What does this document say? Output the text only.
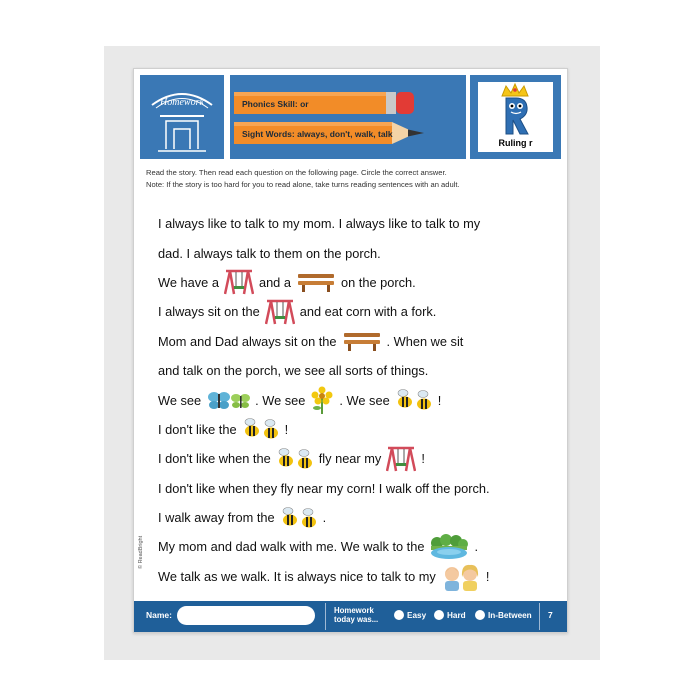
Homework	Phonics Skill: or
Sight Words: always, don't, walk, talk
Ruling r
Read the story. Then read each question on the following page. Circle the correct answer.
Note: If the story is too hard for you to read alone, take turns reading sentences with an adult.
I always like to talk to my mom. I always like to talk to my
dad. I always talk to them on the porch.
We have a	and a	on the porch.
I always sit on the	and eat corn with a fork.
Mom and Dad always sit on the	. When we sit
and talk on the porch, we see all sorts of things.
We see	. We see	. We see	!
I don't like the	!
I don't like when the	fly near my	!
I don't like when they fly near my corn! I walk off the porch.
I walk away from the	.
My mom and dad walk with me. We walk to the	.
We talk as we walk. It is always nice to talk to my	!
© ReadBright
Name:	Homework
today was...	Easy	Hard	In-Between 7
